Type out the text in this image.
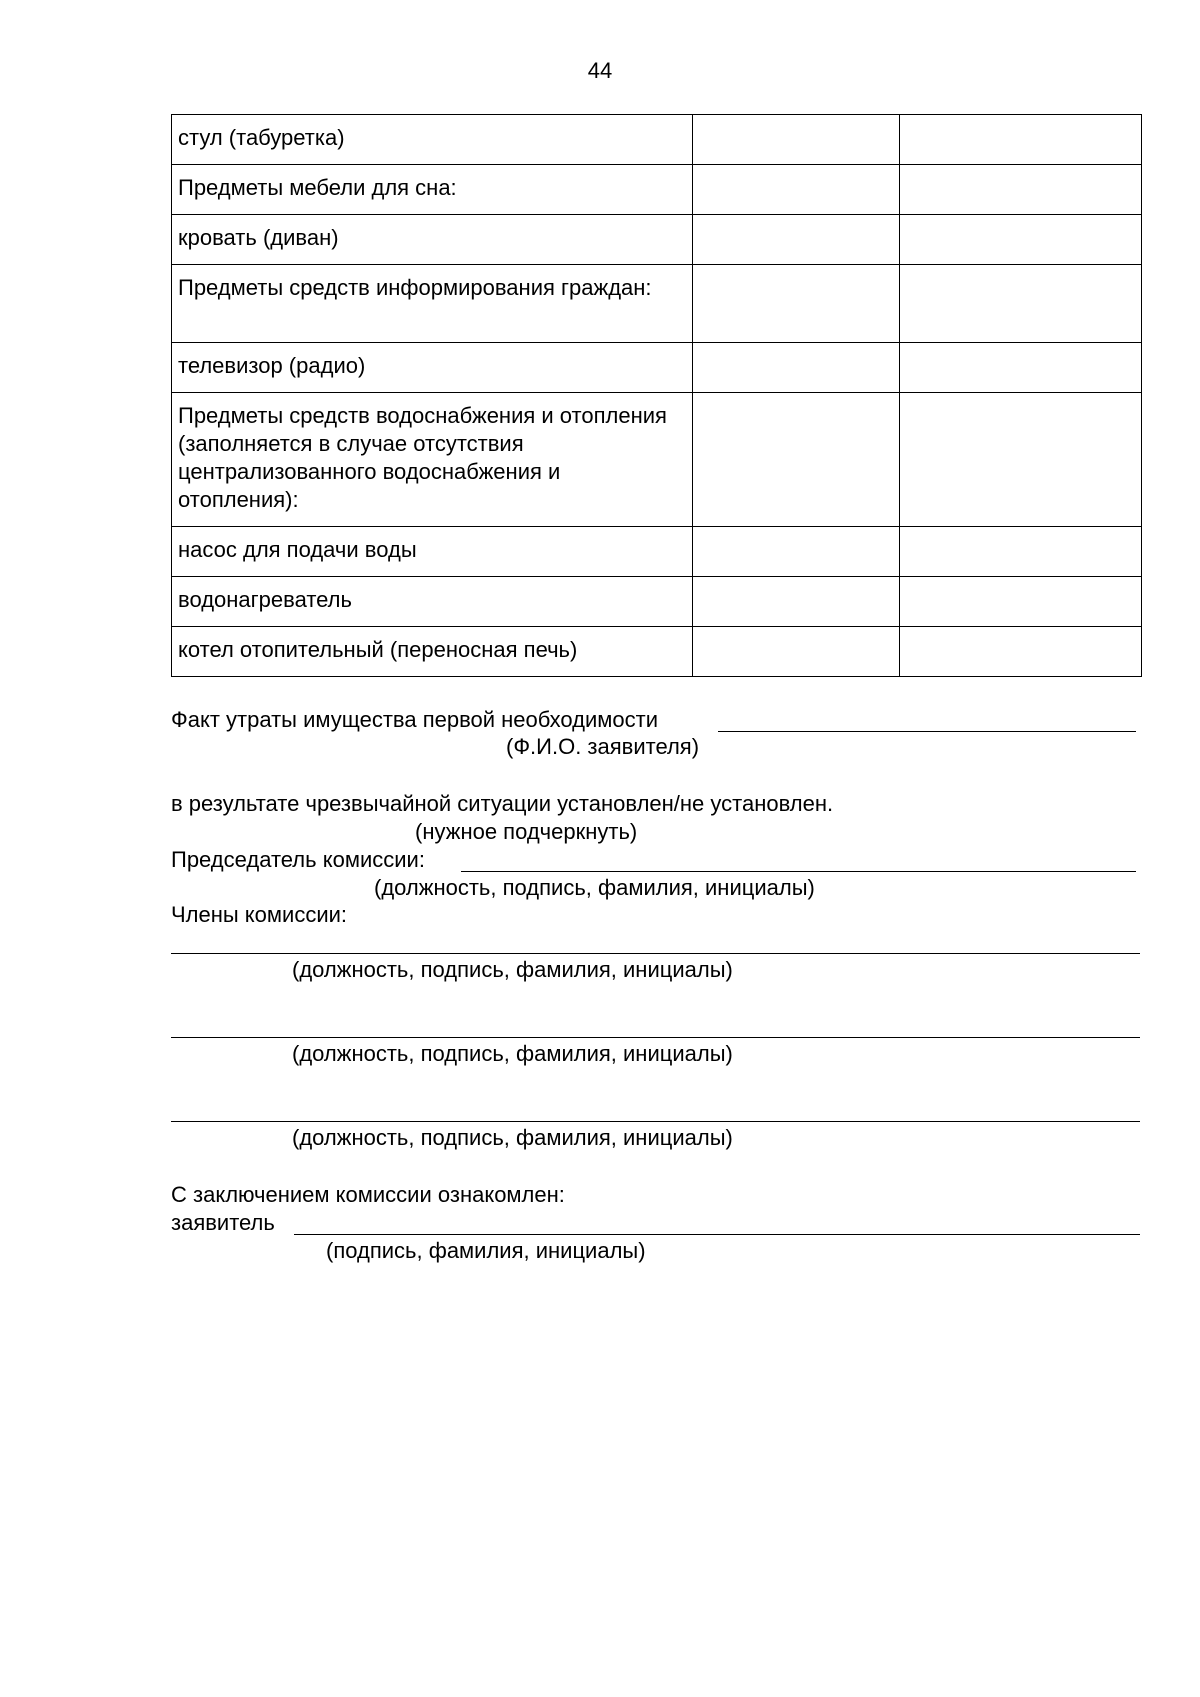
44
стул (табуретка)		
Предметы мебели для сна:		
кровать (диван)		
Предметы средств информирования граждан:		
телевизор (радио)		
Предметы средств водоснабжения и отопления (заполняется в случае отсутствия централизованного водоснабжения и отопления):		
насос для подачи воды		
водонагреватель		
котел отопительный (переносная печь)		
Факт утраты имущества первой необходимости
(Ф.И.О. заявителя)
в результате чрезвычайной ситуации установлен/не установлен.
(нужное подчеркнуть)
Председатель комиссии:
(должность, подпись, фамилия, инициалы)
Члены комиссии:
(должность, подпись, фамилия, инициалы)
(должность, подпись, фамилия, инициалы)
(должность, подпись, фамилия, инициалы)
С заключением комиссии ознакомлен:
заявитель
(подпись, фамилия, инициалы)
